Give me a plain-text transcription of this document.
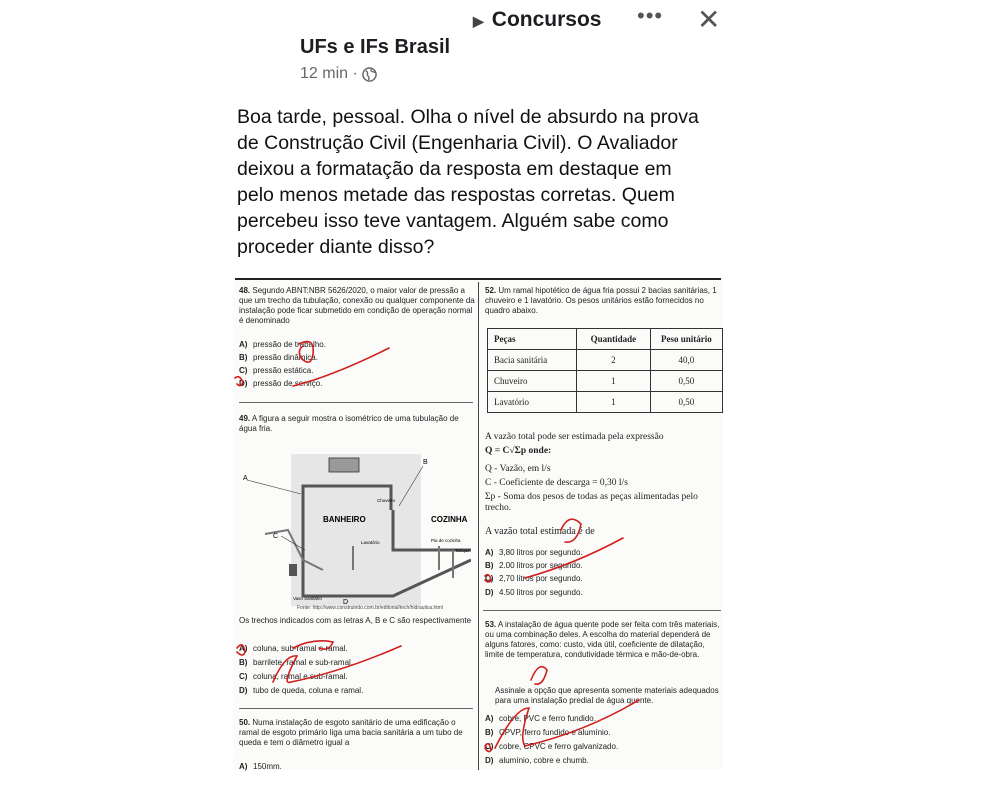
▶ Concursos ••• ✕
UFs e IFs Brasil
12 min ·
Boa tarde, pessoal. Olha o nível de absurdo na prova de Construção Civil (Engenharia Civil). O Avaliador deixou a formatação da resposta em destaque em pelo menos metade das respostas corretas. Quem percebeu isso teve vantagem. Alguém sabe como proceder diante disso?
48. Segundo ABNT:NBR 5626/2020, o maior valor de pressão a que um trecho da tubulação, conexão ou qualquer componente da instalação pode ficar submetido em condição de operação normal é denominado
A) pressão de trabalho.
B) pressão dinâmica.
C) pressão estática.
D) pressão de serviço.
49. A figura a seguir mostra o isométrico de uma tubulação de água fria.
A
B
C
D
BANHEIRO	COZINHA
Chuveiro
Lavatório	Pia de cozinha
Tanque
Vaso Sanitário
Fonte: http://www.construindo.com.br/editorial/tech/hidraulica.html
Os trechos indicados com as letras A, B e C são respectivamente
A) coluna, sub-ramal e ramal.
B) barrilete, ramal e sub-ramal.
C) coluna, ramal e sub-ramal.
D) tubo de queda, coluna e ramal.
50. Numa instalação de esgoto sanitário de uma edificação o ramal de esgoto primário liga uma bacia sanitária a um tubo de queda e tem o diâmetro igual a
A) 150mm.
52. Um ramal hipotético de água fria possui 2 bacias sanitárias, 1 chuveiro e 1 lavatório. Os pesos unitários estão fornecidos no quadro abaixo.
Peças	Quantidade	Peso unitário
Bacia sanitária	2	40,0
Chuveiro	1	0,50
Lavatório	1	0,50
A vazão total pode ser estimada pela expressão
Q = C√Σp onde:
Q - Vazão, em l/s
C - Coeficiente de descarga = 0,30 l/s
Σp - Soma dos pesos de todas as peças alimentadas pelo trecho.
A vazão total estimada é de
A) 3,80 litros por segundo.
B) 2.00 litros por segundo.
C) 2,70 litros por segundo.
D) 4.50 litros por segundo.
53. A instalação de água quente pode ser feita com três materiais, ou uma combinação deles. A escolha do material dependerá de alguns fatores, como: custo, vida útil, coeficiente de dilatação, limite de temperatura, condutividade térmica e mão-de-obra.
Assinale a opção que apresenta somente materiais adequados para uma instalação predial de água quente.
A) cobre, PVC e ferro fundido.
B) CPVP, ferro fundido e alumínio.
C) cobre, CPVC e ferro galvanizado.
D) alumínio, cobre e chumb.
